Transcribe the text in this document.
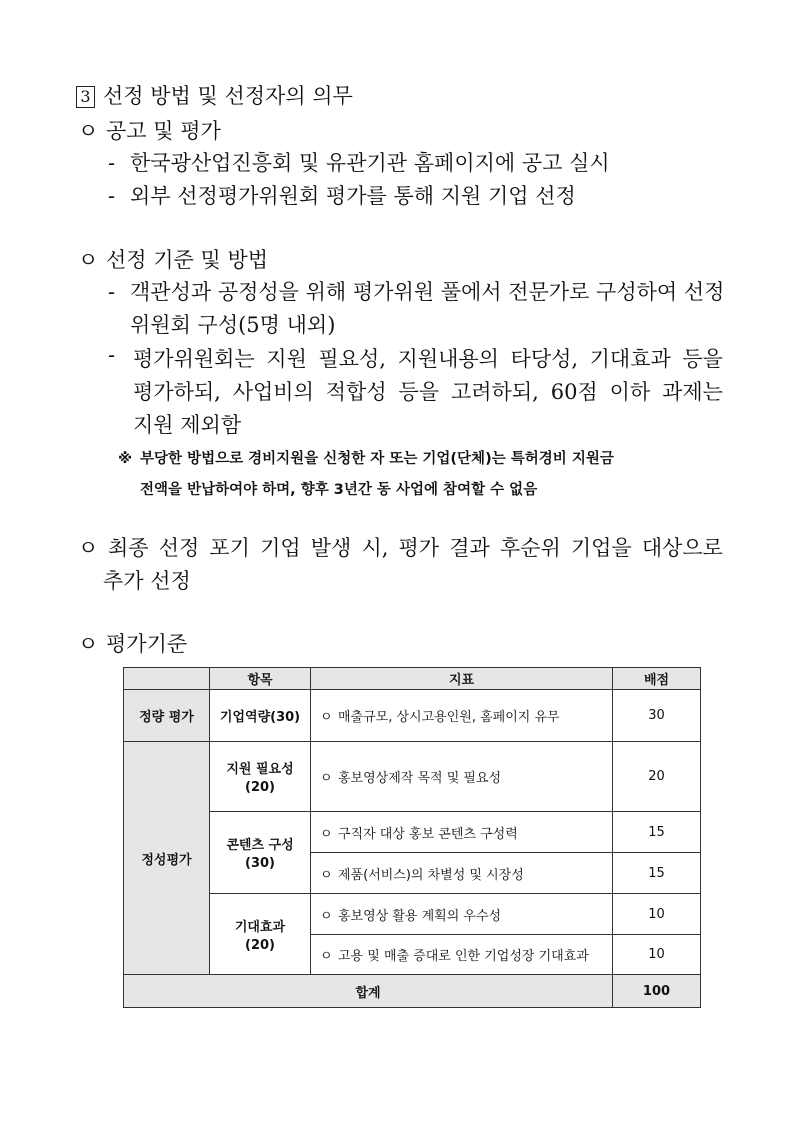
3 선정 방법 및 선정자의 의무
ㅇ 공고 및 평가
- 한국광산업진흥회 및 유관기관 홈페이지에 공고 실시
- 외부 선정평가위원회 평가를 통해 지원 기업 선정
ㅇ 선정 기준 및 방법
- 객관성과 공정성을 위해 평가위원 풀에서 전문가로 구성하여 선정
위원회 구성(5명 내외)
- 평가위원회는 지원 필요성, 지원내용의 타당성, 기대효과 등을
평가하되, 사업비의 적합성 등을 고려하되, 60점 이하 과제는
지원 제외함
※ 부당한 방법으로 경비지원을 신청한 자 또는 기업(단체)는 특허경비 지원금
전액을 반납하여야 하며, 향후 3년간 동 사업에 참여할 수 없음
ㅇ 최종 선정 포기 기업 발생 시, 평가 결과 후순위 기업을 대상으로
추가 선정
ㅇ 평가기준
	항목	지표	배점
정량 평가	기업역량(30)	ㅇ 매출규모, 상시고용인원, 홈페이지 유무	30
정성평가	지원 필요성
(20)	ㅇ 홍보영상제작 목적 및 필요성	20

	콘텐츠 구성
(30)	ㅇ 구직자 대상 홍보 콘텐츠 구성력	15
		ㅇ 제품(서비스)의 차별성 및 시장성	15

	기대효과
(20)	ㅇ 홍보영상 활용 계획의 우수성	10
		ㅇ 고용 및 매출 증대로 인한 기업성장 기대효과	10
합계			100
